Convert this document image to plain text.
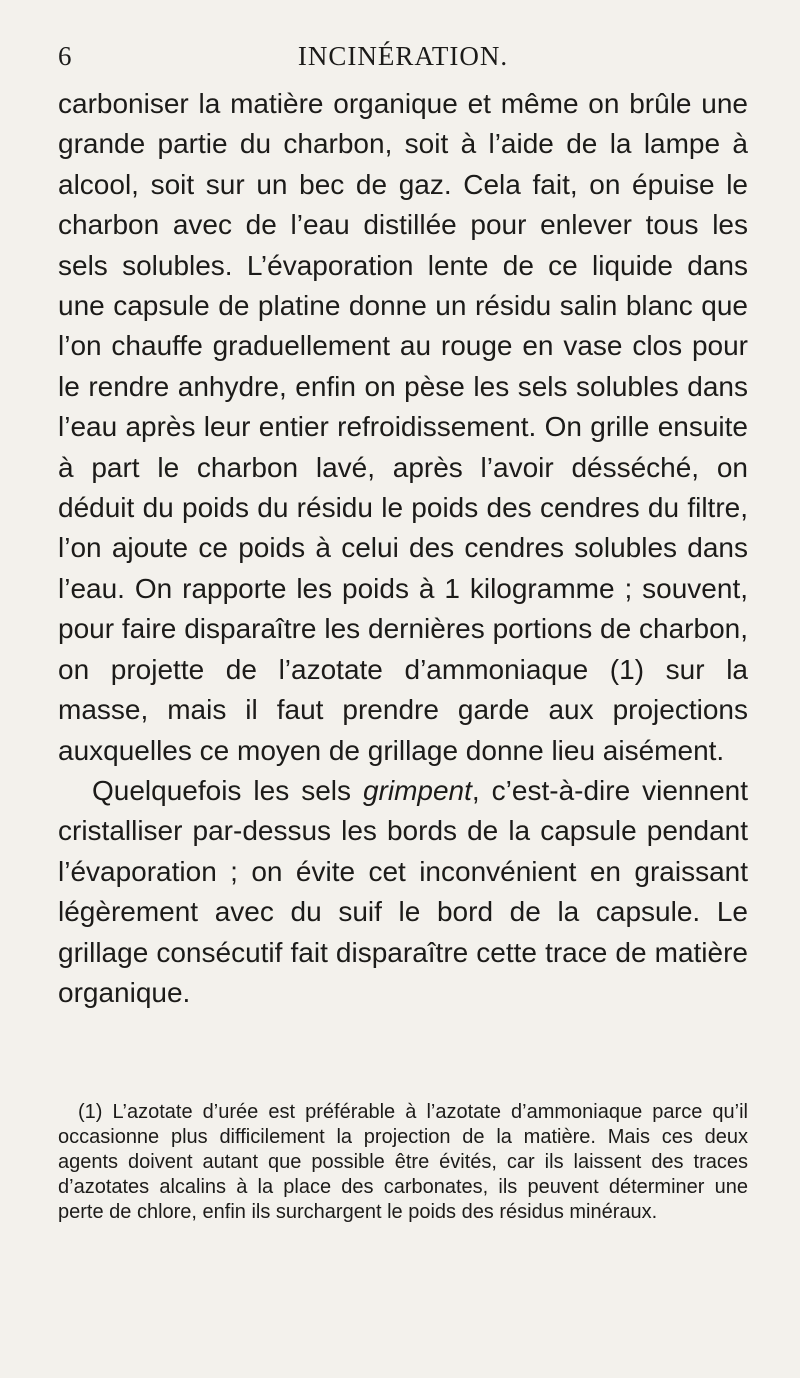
6	INCINÉRATION.

carboniser la matière organique et même on brûle une grande partie du charbon, soit à l’aide de la lampe à alcool, soit sur un bec de gaz. Cela fait, on épuise le charbon avec de l’eau distillée pour enlever tous les sels solubles. L’évaporation lente de ce liquide dans une capsule de platine donne un résidu salin blanc que l’on chauffe graduellement au rouge en vase clos pour le rendre anhydre, enfin on pèse les sels solubles dans l’eau après leur entier refroidissement. On grille ensuite à part le charbon lavé, après l’avoir désséché, on déduit du poids du résidu le poids des cendres du filtre, l’on ajoute ce poids à celui des cendres solubles dans l’eau. On rapporte les poids à 1 kilogramme ; souvent, pour faire disparaître les dernières portions de charbon, on projette de l’azotate d’ammoniaque (1) sur la masse, mais il faut prendre garde aux projections auxquelles ce moyen de grillage donne lieu aisément.

Quelquefois les sels grimpent, c’est-à-dire viennent cristalliser par-dessus les bords de la capsule pendant l’évaporation ; on évite cet inconvénient en graissant légèrement avec du suif le bord de la capsule. Le grillage consécutif fait disparaître cette trace de matière organique.

(1) L’azotate d’urée est préférable à l’azotate d’ammoniaque parce qu’il occasionne plus difficilement la projection de la matière. Mais ces deux agents doivent autant que possible être évités, car ils laissent des traces d’azotates alcalins à la place des carbonates, ils peuvent déterminer une perte de chlore, enfin ils surchargent le poids des résidus minéraux.
